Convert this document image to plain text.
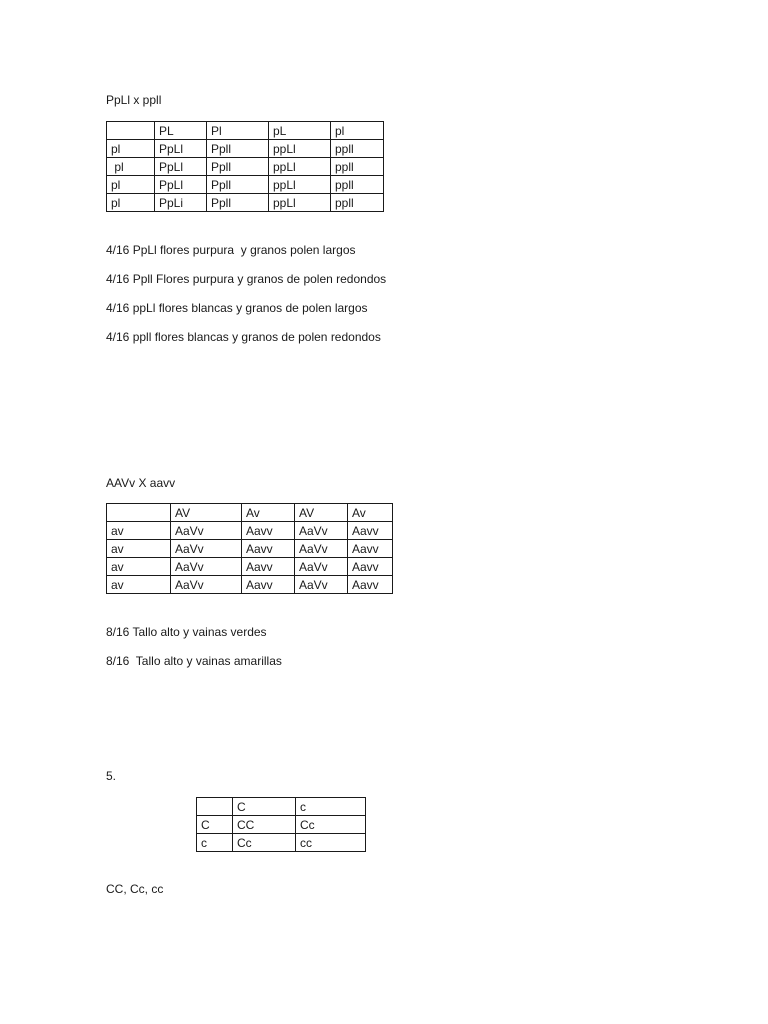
PpLl x ppll
	PL	Pl	pL	pl
pl	PpLl	Ppll	ppLl	ppll
pl	PpLl	Ppll	ppLl	ppll
pl	PpLl	Ppll	ppLl	ppll
pl	PpLi	Ppll	ppLl	ppll
4/16 PpLl flores purpura  y granos polen largos
4/16 Ppll Flores purpura y granos de polen redondos
4/16 ppLl flores blancas y granos de polen largos
4/16 ppll flores blancas y granos de polen redondos
AAVv X aavv
	AV	Av	AV	Av
av	AaVv	Aavv	AaVv	Aavv
av	AaVv	Aavv	AaVv	Aavv
av	AaVv	Aavv	AaVv	Aavv
av	AaVv	Aavv	AaVv	Aavv
8/16 Tallo alto y vainas verdes
8/16  Tallo alto y vainas amarillas
5.
	C	c
C	CC	Cc
c	Cc	cc
CC, Cc, cc
